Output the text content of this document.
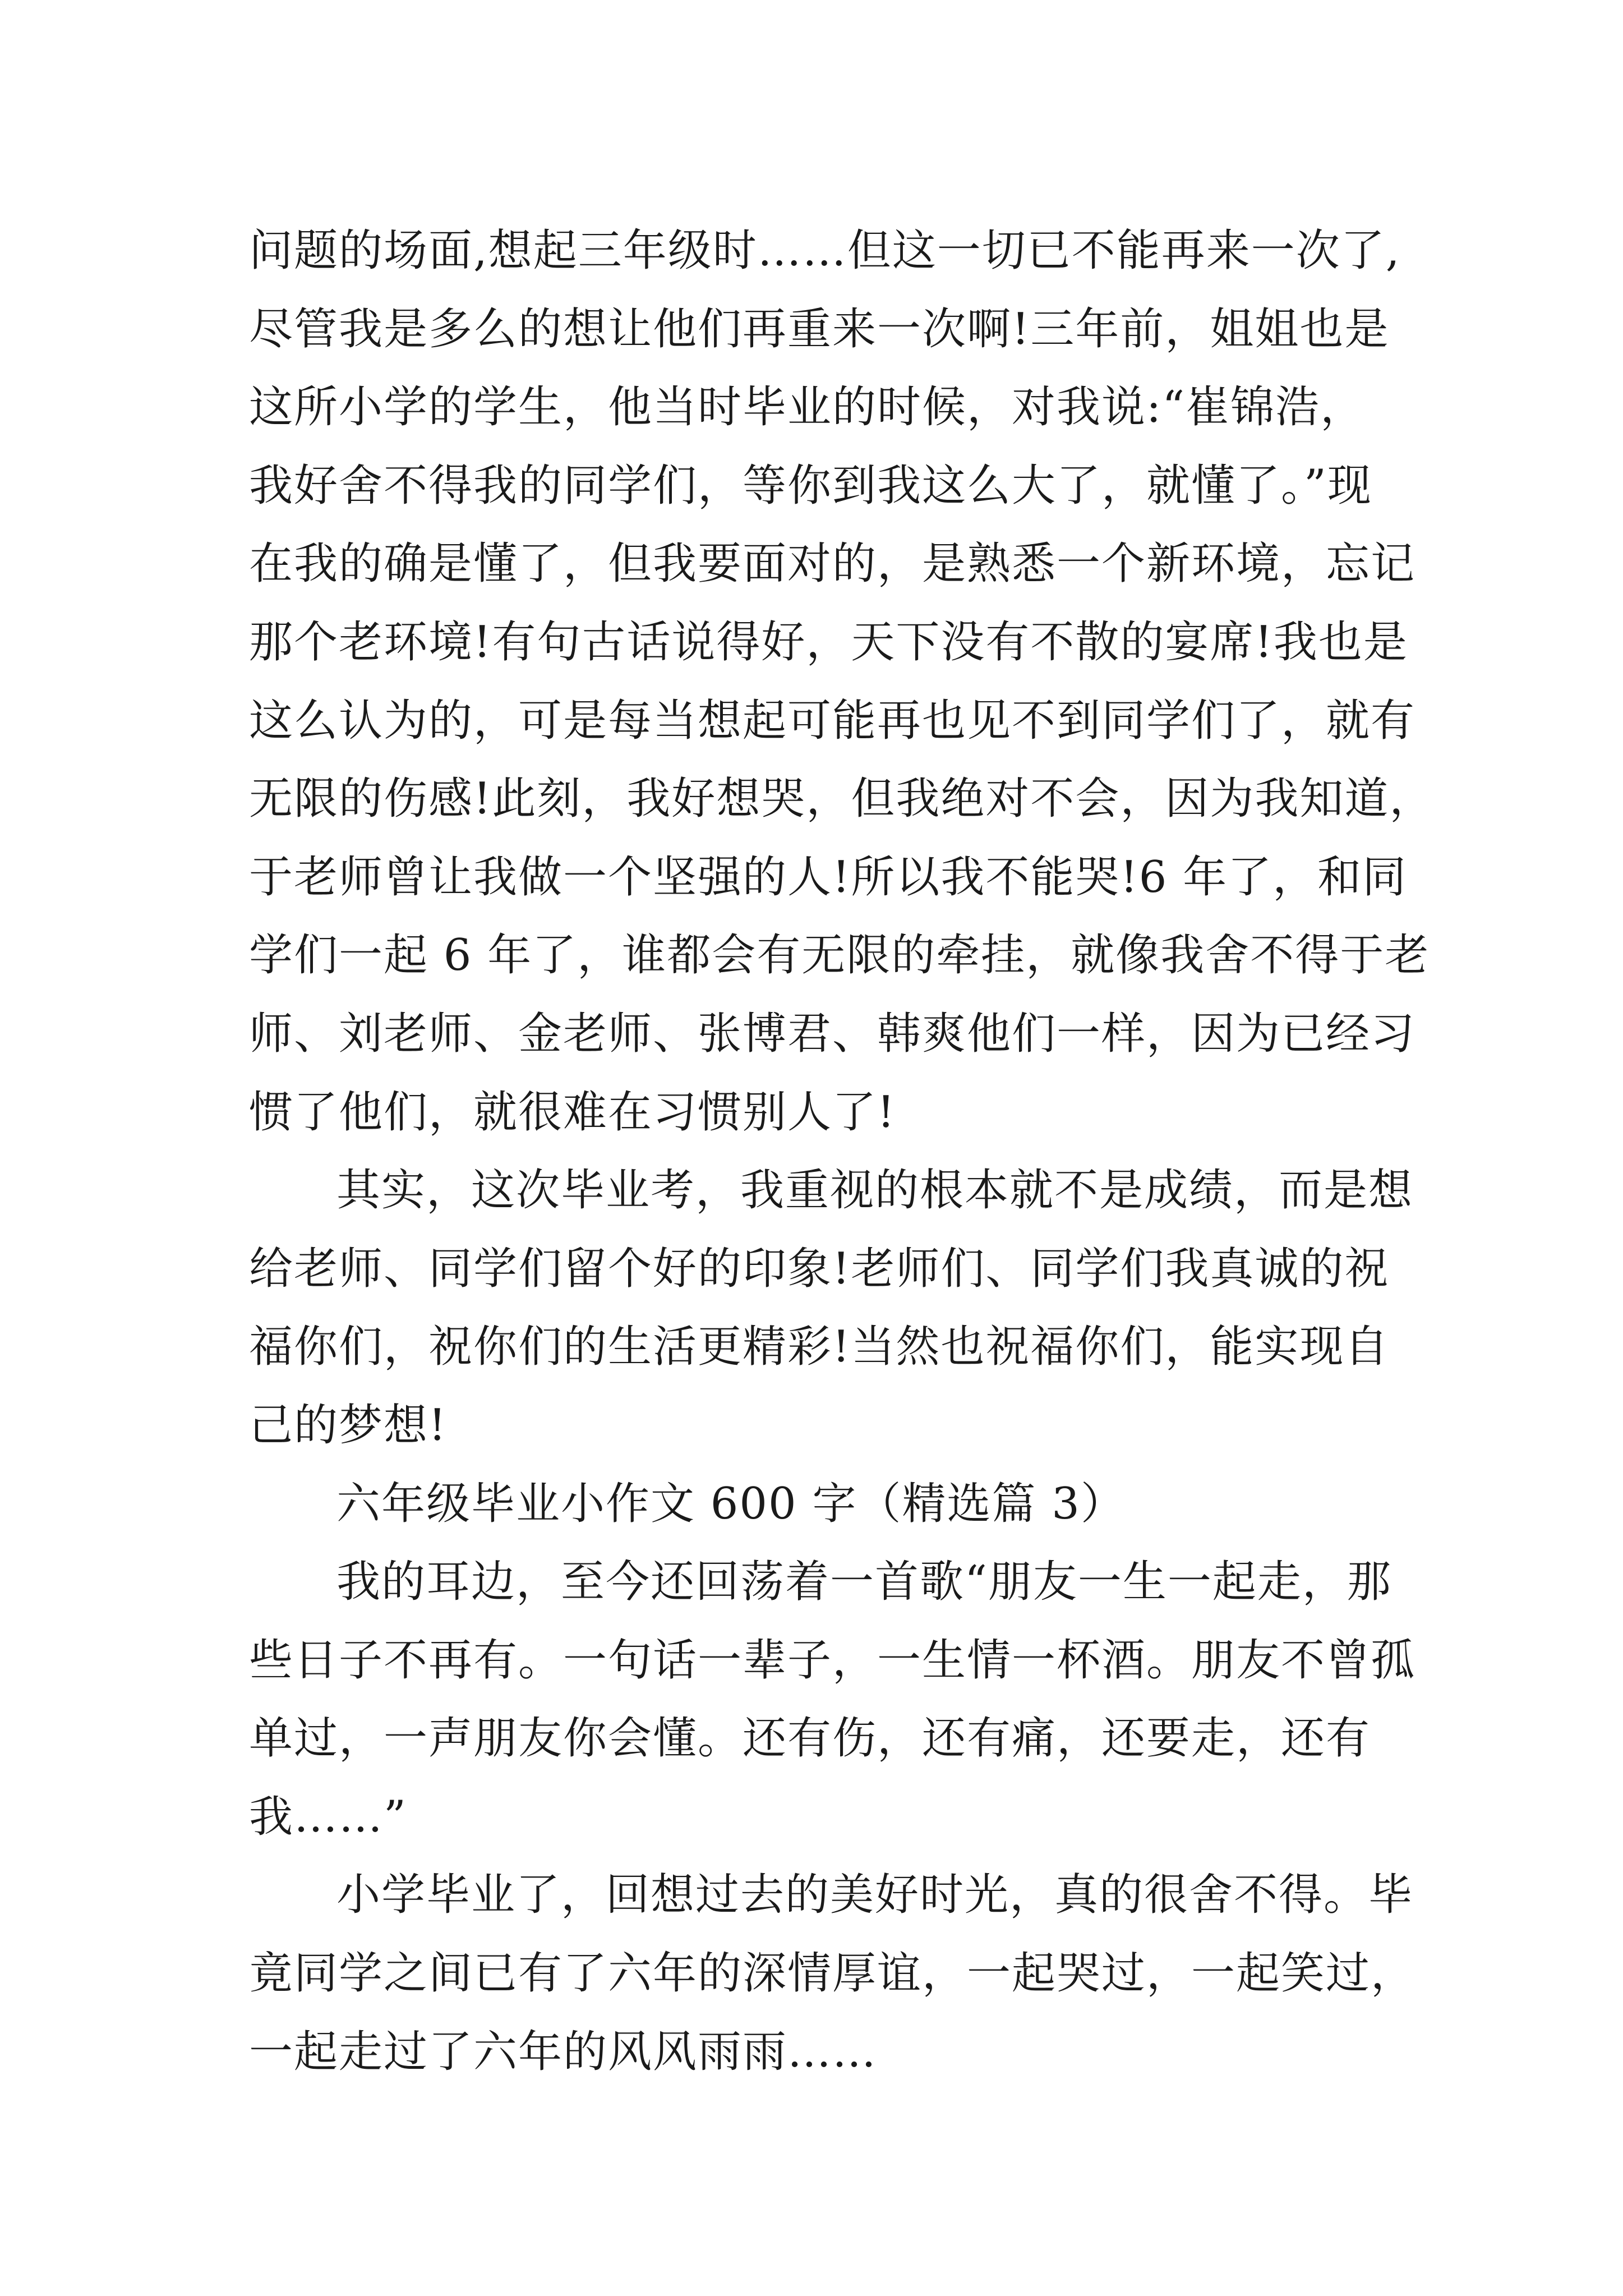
问题的场面,想起三年级时……但这一切已不能再来一次了,
尽管我是多么的想让他们再重来一次啊!三年前，姐姐也是
这所小学的学生，他当时毕业的时候，对我说:“崔锦浩，
我好舍不得我的同学们，等你到我这么大了，就懂了。”现
在我的确是懂了，但我要面对的，是熟悉一个新环境，忘记
那个老环境!有句古话说得好，天下没有不散的宴席!我也是
这么认为的，可是每当想起可能再也见不到同学们了，就有
无限的伤感!此刻，我好想哭，但我绝对不会，因为我知道，
于老师曾让我做一个坚强的人!所以我不能哭!6 年了，和同
学们一起 6 年了，谁都会有无限的牵挂，就像我舍不得于老
师、刘老师、金老师、张博君、韩爽他们一样，因为已经习
惯了他们，就很难在习惯别人了!
其实，这次毕业考，我重视的根本就不是成绩，而是想
给老师、同学们留个好的印象!老师们、同学们我真诚的祝
福你们，祝你们的生活更精彩!当然也祝福你们，能实现自
己的梦想!
六年级毕业小作文 600 字（精选篇 3）
我的耳边，至今还回荡着一首歌“朋友一生一起走，那
些日子不再有。一句话一辈子，一生情一杯酒。朋友不曾孤
单过，一声朋友你会懂。还有伤，还有痛，还要走，还有
我……”
小学毕业了，回想过去的美好时光，真的很舍不得。毕
竟同学之间已有了六年的深情厚谊，一起哭过，一起笑过，
一起走过了六年的风风雨雨……
